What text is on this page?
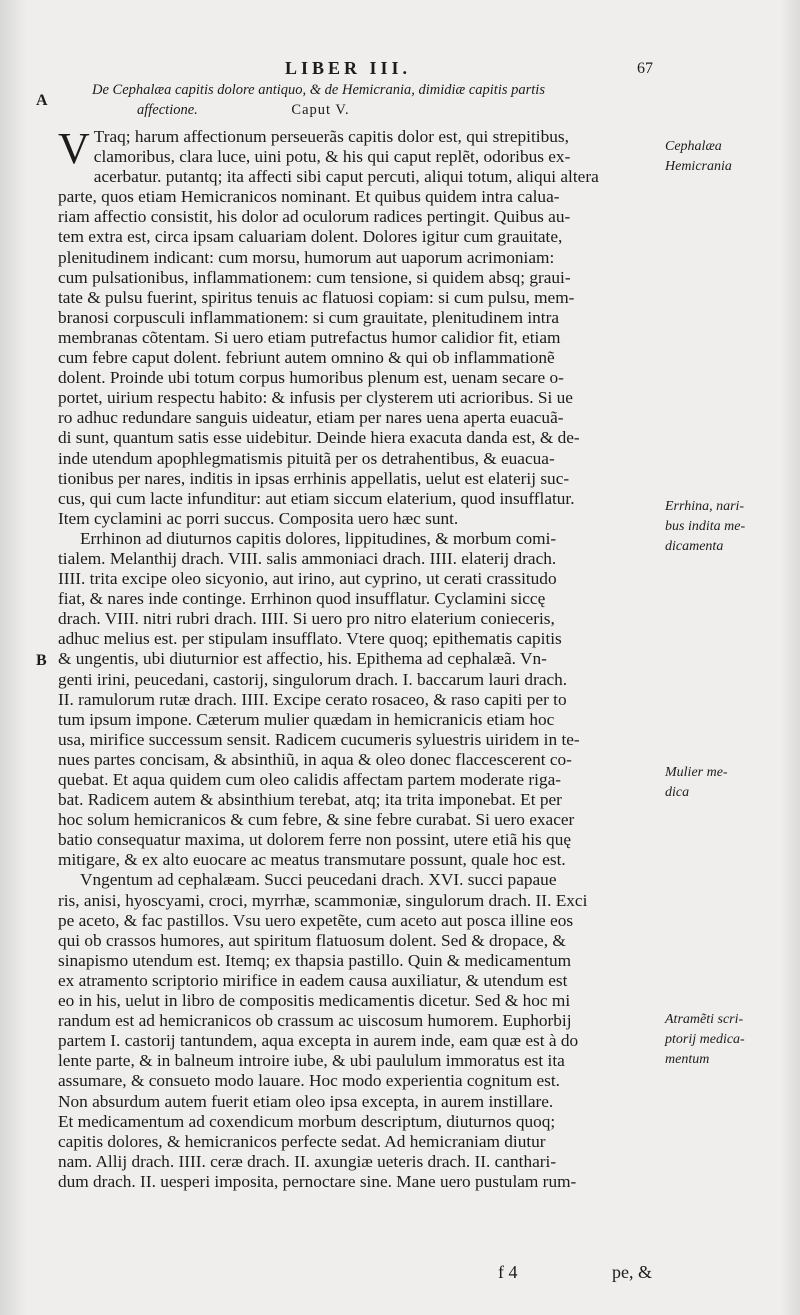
LIBER III.	67
A
B
De Cephalæa capitis dolore antiquo, & de Hemicrania, dimidiæ capitis partis
affectione.	Caput V.
V Traq; harum affectionum perseuerãs capitis dolor est, qui strepitibus,
clamoribus, clara luce, uini potu, & his qui caput replẽt, odoribus ex-
acerbatur. putantq; ita affecti sibi caput percuti, aliqui totum, aliqui altera
parte, quos etiam Hemicranicos nominant. Et quibus quidem intra calua-
riam affectio consistit, his dolor ad oculorum radices pertingit. Quibus au-
tem extra est, circa ipsam caluariam dolent. Dolores igitur cum grauitate,
plenitudinem indicant: cum morsu, humorum aut uaporum acrimoniam:
cum pulsationibus, inflammationem: cum tensione, si quidem absq; graui-
tate & pulsu fuerint, spiritus tenuis ac flatuosi copiam: si cum pulsu, mem-
branosi corpusculi inflammationem: si cum grauitate, plenitudinem intra
membranas cõtentam. Si uero etiam putrefactus humor calidior fit, etiam
cum febre caput dolent. febriunt autem omnino & qui ob inflammationẽ
dolent. Proinde ubi totum corpus humoribus plenum est, uenam secare o-
portet, uirium respectu habito: & infusis per clysterem uti acrioribus. Si ue
ro adhuc redundare sanguis uideatur, etiam per nares uena aperta euacuã-
di sunt, quantum satis esse uidebitur. Deinde hiera exacuta danda est, & de-
inde utendum apophlegmatismis pituitã per os detrahentibus, & euacua-
tionibus per nares, inditis in ipsas errhinis appellatis, uelut est elaterij suc-
cus, qui cum lacte infunditur: aut etiam siccum elaterium, quod insufflatur.
Item cyclamini ac porri succus. Composita uero hæc sunt.
Errhinon ad diuturnos capitis dolores, lippitudines, & morbum comi-
tialem. Melanthij drach. VIII. salis ammoniaci drach. IIII. elaterij drach.
IIII. trita excipe oleo sicyonio, aut irino, aut cyprino, ut cerati crassitudo
fiat, & nares inde continge. Errhinon quod insufflatur. Cyclamini siccę
drach. VIII. nitri rubri drach. IIII. Si uero pro nitro elaterium conieceris,
adhuc melius est. per stipulam insufflato. Vtere quoq; epithematis capitis
& ungentis, ubi diuturnior est affectio, his. Epithema ad cephalæã. Vn-
genti irini, peucedani, castorij, singulorum drach. I. baccarum lauri drach.
II. ramulorum rutæ drach. IIII. Excipe cerato rosaceo, & raso capiti per to
tum ipsum impone. Cæterum mulier quædam in hemicranicis etiam hoc
usa, mirifice successum sensit. Radicem cucumeris syluestris uiridem in te-
nues partes concisam, & absinthiũ, in aqua & oleo donec flaccescerent co-
quebat. Et aqua quidem cum oleo calidis affectam partem moderate riga-
bat. Radicem autem & absinthium terebat, atq; ita trita imponebat. Et per
hoc solum hemicranicos & cum febre, & sine febre curabat. Si uero exacer
batio consequatur maxima, ut dolorem ferre non possint, utere etiã his quę
mitigare, & ex alto euocare ac meatus transmutare possunt, quale hoc est.
Vngentum ad cephalæam. Succi peucedani drach. XVI. succi papaue
ris, anisi, hyoscyami, croci, myrrhæ, scammoniæ, singulorum drach. II. Exci
pe aceto, & fac pastillos. Vsu uero expetẽte, cum aceto aut posca illine eos
qui ob crassos humores, aut spiritum flatuosum dolent. Sed & dropace, &
sinapismo utendum est. Itemq; ex thapsia pastillo. Quin & medicamentum
ex atramento scriptorio mirifice in eadem causa auxiliatur, & utendum est
eo in his, uelut in libro de compositis medicamentis dicetur. Sed & hoc mi
randum est ad hemicranicos ob crassum ac uiscosum humorem. Euphorbij
partem I. castorij tantundem, aqua excepta in aurem inde, eam quæ est à do
lente parte, & in balneum introire iube, & ubi paululum immoratus est ita
assumare, & consueto modo lauare. Hoc modo experientia cognitum est.
Non absurdum autem fuerit etiam oleo ipsa excepta, in aurem instillare.
Et medicamentum ad coxendicum morbum descriptum, diuturnos quoq;
capitis dolores, & hemicranicos perfecte sedat. Ad hemicraniam diutur
nam. Allij drach. IIII. ceræ drach. II. axungiæ ueteris drach. II. canthari-
dum drach. II. uesperi imposita, pernoctare sine. Mane uero pustulam rum-
Cephalæa
Hemicrania
Errhina, nari-
bus indita me-
dicamenta
Mulier me-
dica
Atramẽti scri-
ptorij medica-
mentum
f 4	pe, &
